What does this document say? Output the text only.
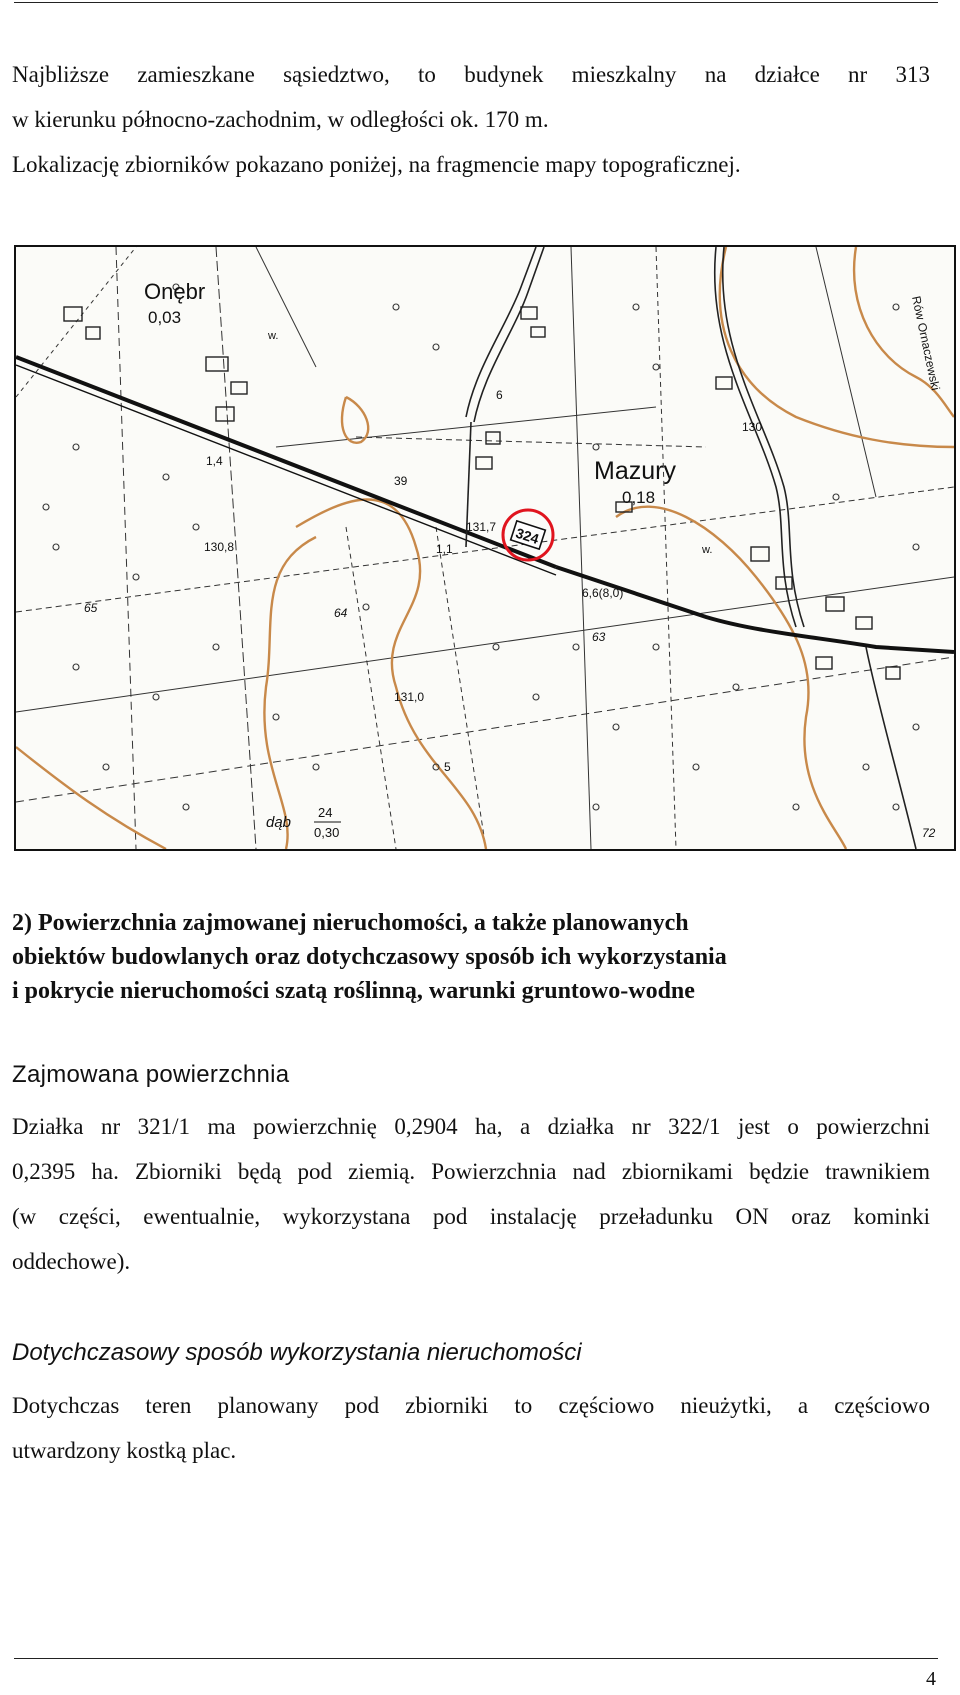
Najbliższe zamieszkane sąsiedztwo, to budynek mieszkalny na działce nr 313
w kierunku północno-zachodnim, w odległości ok. 170 m.
Lokalizację zbiorników pokazano poniżej, na fragmencie mapy topograficznej.
Onębr
0,03
Mazury
0,18
130,8
131,7
131,0
130
6,6(8,0)
64
63
65
72
39
1,4
1,1
5
6
dąb
24
0,30
Rów Ornaczewski
w.
w.
324
2) Powierzchnia zajmowanej nieruchomości, a także planowanych
obiektów budowlanych oraz dotychczasowy sposób ich wykorzystania
i pokrycie nieruchomości szatą roślinną, warunki gruntowo-wodne
Zajmowana powierzchnia
Działka nr 321/1 ma powierzchnię 0,2904 ha, a działka nr 322/1 jest o powierzchni
0,2395 ha. Zbiorniki będą pod ziemią. Powierzchnia nad zbiornikami będzie trawnikiem
(w części, ewentualnie, wykorzystana pod instalację przeładunku ON oraz kominki
oddechowe).
Dotychczasowy sposób wykorzystania nieruchomości
Dotychczas teren planowany pod zbiorniki to częściowo nieużytki, a częściowo
utwardzony kostką plac.
4
